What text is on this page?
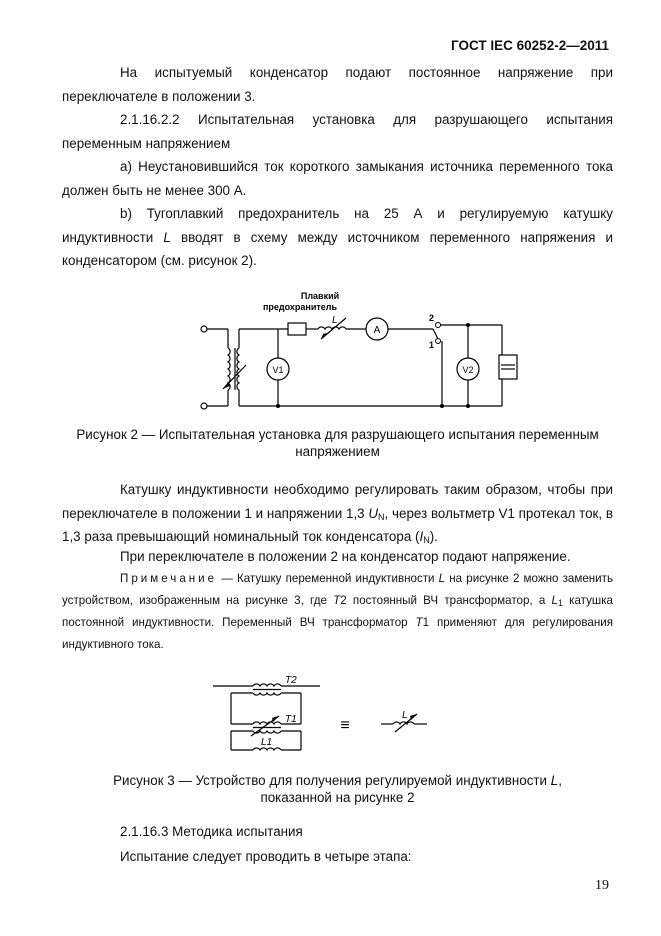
ГОСТ IEC 60252-2—2011
На испытуемый конденсатор подают постоянное напряжение при переключателе в положении 3.
2.1.16.2.2 Испытательная установка для разрушающего испытания переменным напряжением
a) Неустановившийся ток короткого замыкания источника переменного тока должен быть не менее 300 А.
b) Тугоплавкий предохранитель на 25 А и регулируемую катушку индуктивности L вводят в схему между источником переменного напряжения и конденсатором (см. рисунок 2).
Плавкий
предохранитель
L
A
V1	V2
2
1
Рисунок 2 — Испытательная установка для разрушающего испытания переменным
напряжением
Катушку индуктивности необходимо регулировать таким образом, чтобы при переключателе в положении 1 и напряжении 1,3 $U_N$, через вольтметр V1 протекал ток, в 1,3 раза превышающий номинальный ток конденсатора $(I_N)$.
При переключателе в положении 2 на конденсатор подают напряжение.
Примечание — Катушку переменной индуктивности L на рисунке 2 можно заменить устройством, изображенным на рисунке 3, где T2 постоянный ВЧ трансформатор, а $L_1$ катушка постоянной индуктивности. Переменный ВЧ трансформатор T1 применяют для регулирования индуктивного тока.
T2
T1
L1
≡
L
Рисунок 3 — Устройство для получения регулируемой индуктивности L,
показанной на рисунке 2
2.1.16.3 Методика испытания
Испытание следует проводить в четыре этапа:
19
